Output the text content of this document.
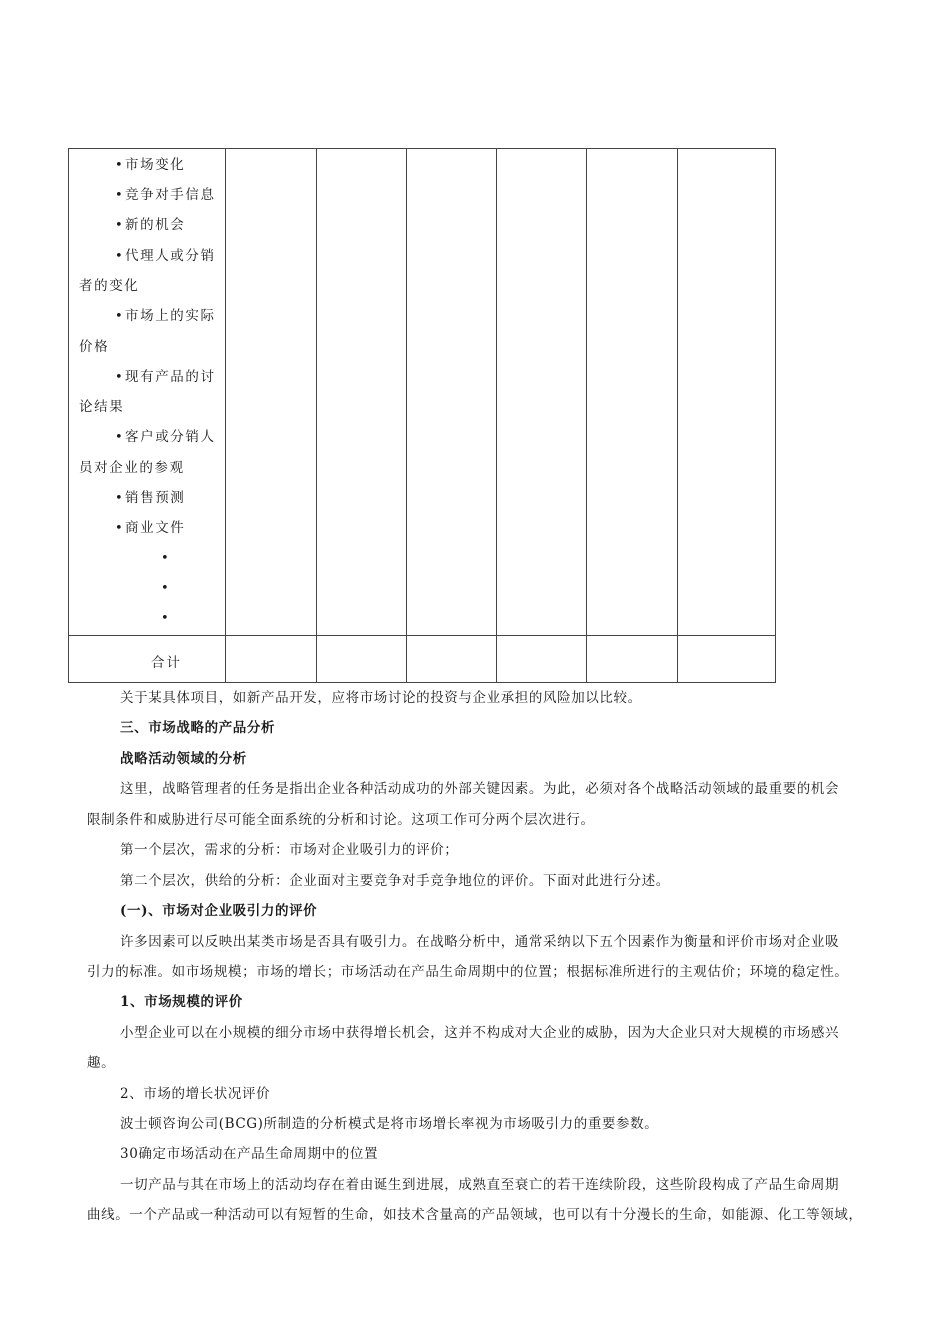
•市场变化
•竞争对手信息
•新的机会
•代理人或分销
者的变化
•市场上的实际
价格
•现有产品的讨
论结果
•客户或分销人
员对企业的参观
•销售预测
•商业文件
•
•
•
合计
关于某具体项目，如新产品开发，应将市场讨论的投资与企业承担的风险加以比较。
三、市场战略的产品分析
战略活动领域的分析
这里，战略管理者的任务是指出企业各种活动成功的外部关键因素。为此，必须对各个战略活动领域的最重要的机会
限制条件和威胁进行尽可能全面系统的分析和讨论。这项工作可分两个层次进行。
第一个层次，需求的分析：市场对企业吸引力的评价；
第二个层次，供给的分析：企业面对主要竞争对手竞争地位的评价。下面对此进行分述。
(一)、市场对企业吸引力的评价
许多因素可以反映出某类市场是否具有吸引力。在战略分析中，通常采纳以下五个因素作为衡量和评价市场对企业吸
引力的标准。如市场规模；市场的增长；市场活动在产品生命周期中的位置；根据标准所进行的主观估价；环境的稳定性。
1、市场规模的评价
小型企业可以在小规模的细分市场中获得增长机会，这并不构成对大企业的威胁，因为大企业只对大规模的市场感兴
趣。
2、市场的增长状况评价
波士顿咨询公司(BCG)所制造的分析模式是将市场增长率视为市场吸引力的重要参数。
30确定市场活动在产品生命周期中的位置
一切产品与其在市场上的活动均存在着由诞生到进展，成熟直至衰亡的若干连续阶段，这些阶段构成了产品生命周期
曲线。一个产品或一种活动可以有短暂的生命，如技术含量高的产品领域，也可以有十分漫长的生命，如能源、化工等领域，
